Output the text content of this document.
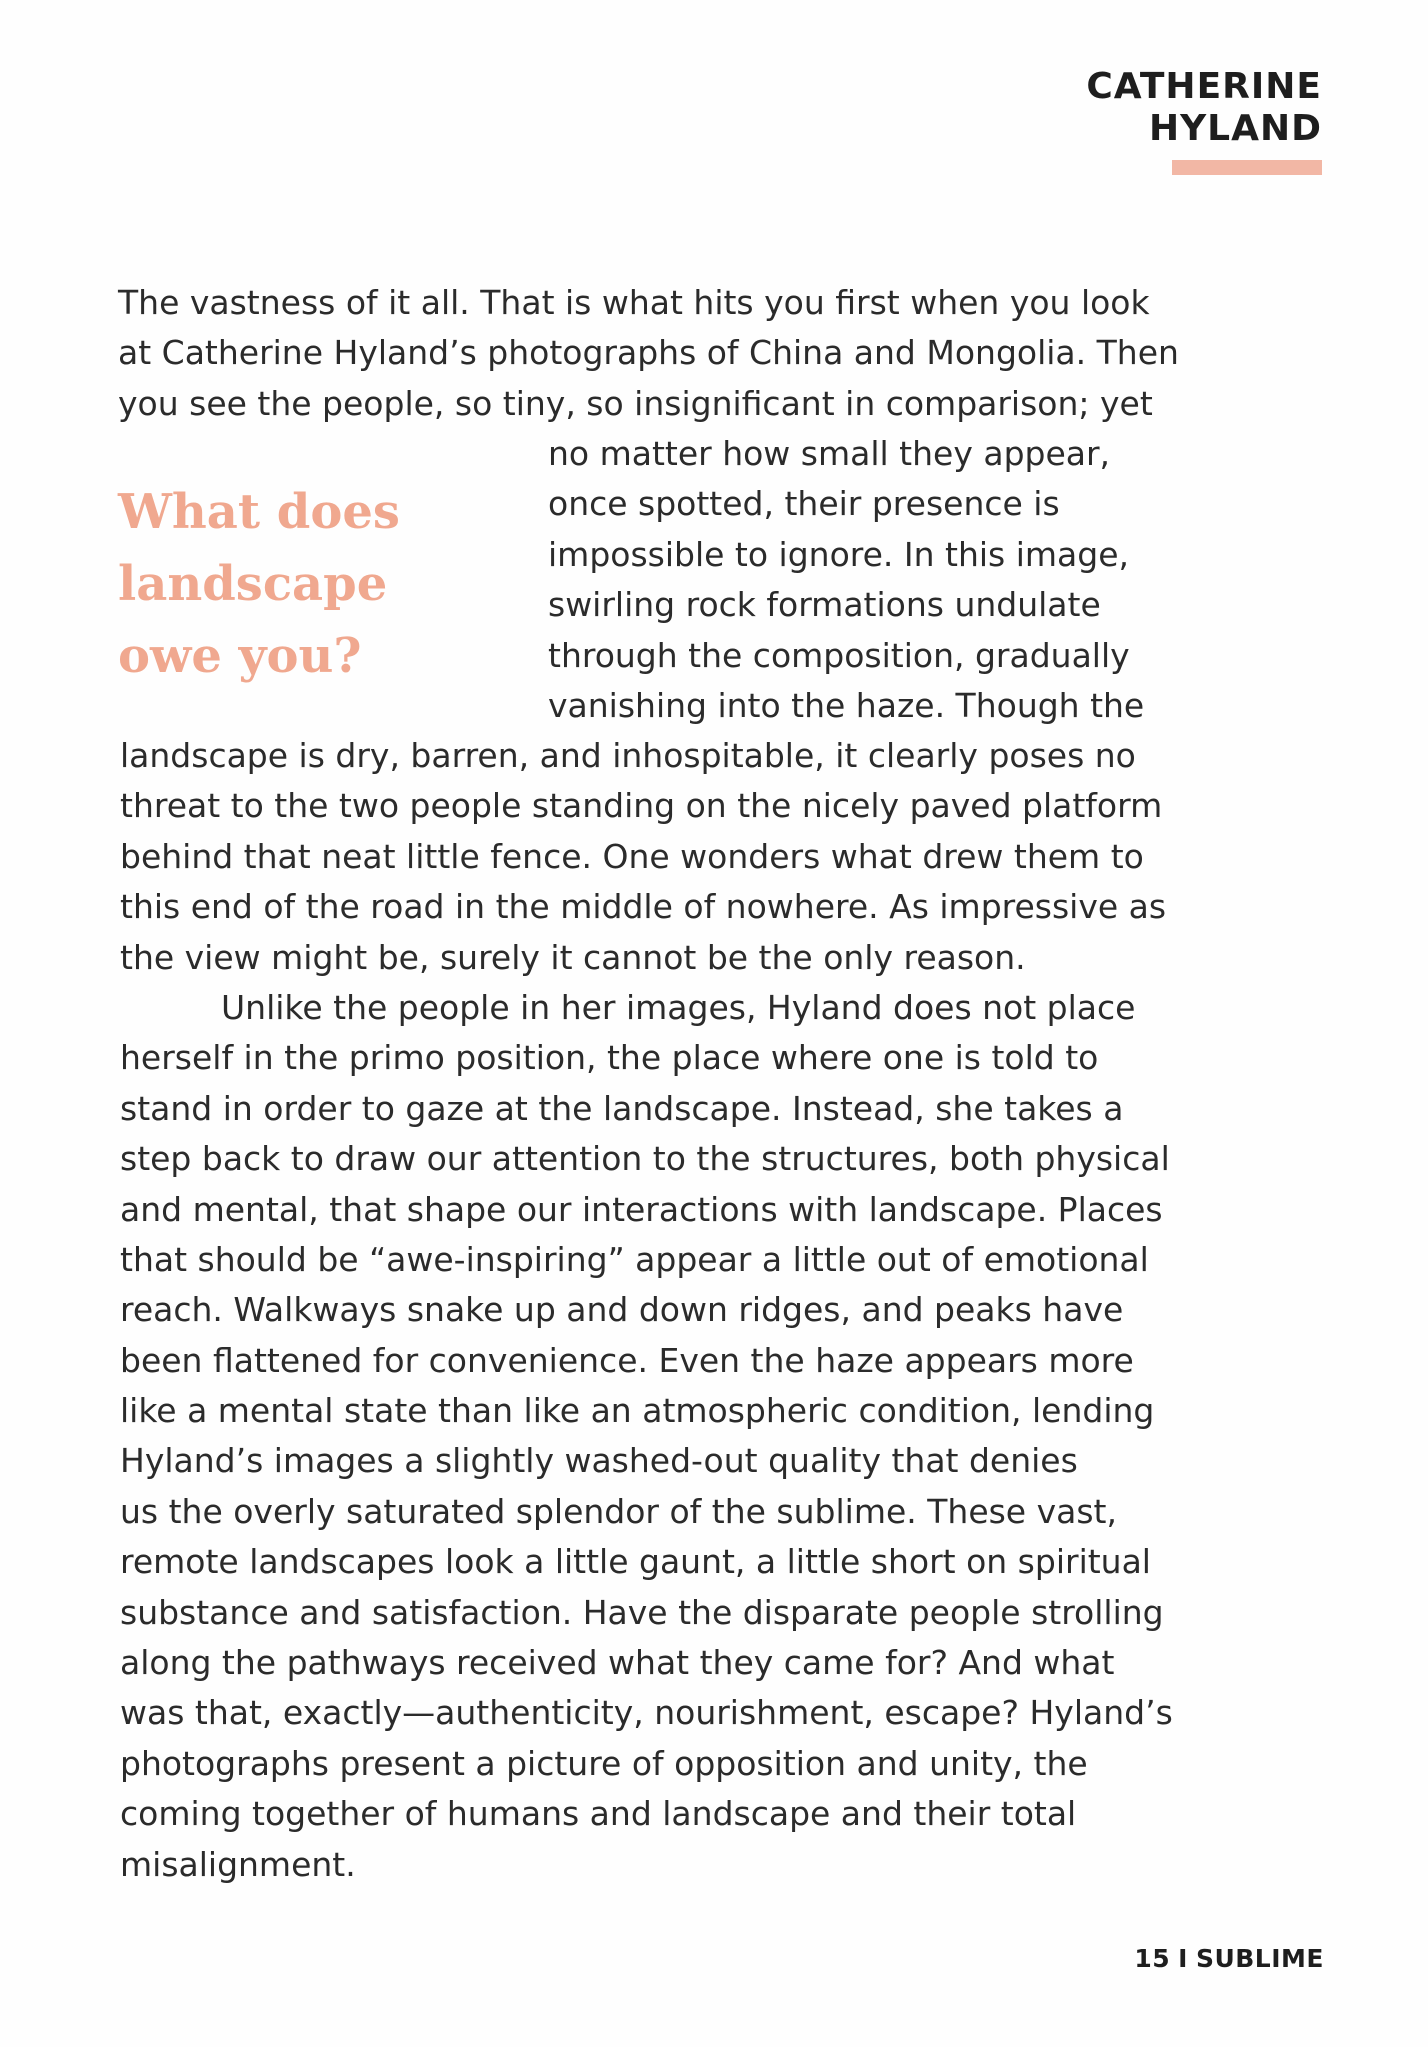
CATHERINE
HYLAND
What does
landscape
owe you?
The vastness of it all. That is what hits you first when you look
at Catherine Hyland’s photographs of China and Mongolia. Then
you see the people, so tiny, so insignificant in comparison; yet
no matter how small they appear,
once spotted, their presence is
impossible to ignore. In this image,
swirling rock formations undulate
through the composition, gradually
vanishing into the haze. Though the
landscape is dry, barren, and inhospitable, it clearly poses no
threat to the two people standing on the nicely paved platform
behind that neat little fence. One wonders what drew them to
this end of the road in the middle of nowhere. As impressive as
the view might be, surely it cannot be the only reason.
Unlike the people in her images, Hyland does not place
herself in the primo position, the place where one is told to
stand in order to gaze at the landscape. Instead, she takes a
step back to draw our attention to the structures, both physical
and mental, that shape our interactions with landscape. Places
that should be “awe-inspiring” appear a little out of emotional
reach. Walkways snake up and down ridges, and peaks have
been flattened for convenience. Even the haze appears more
like a mental state than like an atmospheric condition, lending
Hyland’s images a slightly washed-out quality that denies
us the overly saturated splendor of the sublime. These vast,
remote landscapes look a little gaunt, a little short on spiritual
substance and satisfaction. Have the disparate people strolling
along the pathways received what they came for? And what
was that, exactly—authenticity, nourishment, escape? Hyland’s
photographs present a picture of opposition and unity, the
coming together of humans and landscape and their total
misalignment.
15 I SUBLIME
